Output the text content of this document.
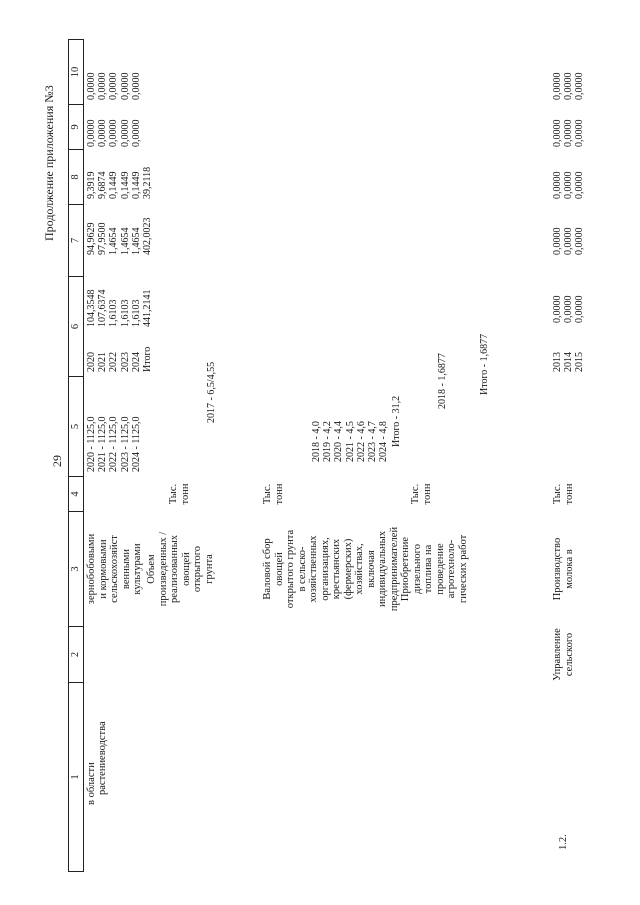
29
Продолжение приложения №3
1
2
3
4
5
6
7
8
9
10
в области растениеводства
зернобобовыми и кормовыми сельскохозяйст венными культурами
2020 - 1125,0 2021 - 1125,0 2022 - 1125,0 2023 - 1125,0 2024 - 1125,0
2020 2021 2022 2023 2024 Итого
104,3548 107,6374 1,6103 1,6103 1,6103 441,2141
94,9629 97,9500 1,4654 1,4654 1,4654 402,0023
9,3919 9,6874 0,1449 0,1449 0,1449 39,2118
0,0000 0,0000 0,0000 0,0000 0,0000
0,0000 0,0000 0,0000 0,0000 0,0000
Объем произведенных / реализованных овощей открытого грунта
Тыс. тонн
2017 - 6,5/4,55
Валовой сбор овощей открытого грунта в сельско- хозяйственных организациях, крестьянских (фермерских) хозяйствах, включая индивидуальных предпринимателей
Тыс. тонн
2018 - 4,0 2019 - 4,2 2020 - 4,4 2021 - 4,5 2022 - 4,6 2023 - 4,7 2024 - 4,8 Итого - 31,2
Приобретение дизельного топлива на проведение агротехноло- гических работ
Тыс. тонн
2018 - 1,6877	Итого - 1,6877
1.2.
Управление сельского
Производство молока в
Тыс. тонн
2013 2014 2015
0,0000 0,0000 0,0000
0,0000 0,0000 0,0000
0,0000 0,0000 0,0000
0,0000 0,0000 0,0000
0,0000 0,0000 0,0000
